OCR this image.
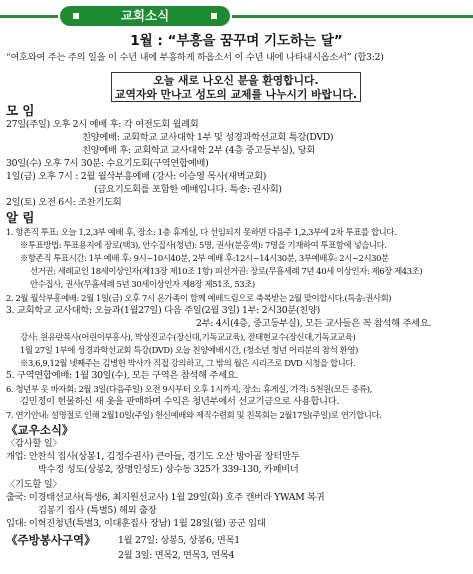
교회소식
1월 : “부흥을 꿈꾸며 기도하는 달”
“여호와여 주는 주의 일을 이 수년 내에 부흥하게 하옵소서 이 수년 내에 나타내시옵소서” (합3:2)
오늘 새로 나오신 분을 환영합니다.
교역자와 만나고 성도의 교제를 나누시기 바랍니다.
모 임
27일(주일) 오후 2시 예배 후: 각 여전도회 월례회
친양예배: 교회학교 교사대학 1부 및 성경과학선교회 특강(DVD)
친양예배 후: 교회학교 교사대학 2부 (4층 중고등부실), 당회
30일(수) 오후 7시 30분: 수요기도회(구역연합예배)
1일(금) 오후 7시 : 2월 월삭부흥예배 (강사: 이승영 목사(새벽교회)
(금요기도회를 포함한 예배입니다. 특송: 권사회)
2일(토) 오전 6시: 조찬기도회
알 림
1. 항존직 투표: 오늘 1,2,3부 예배 후, 장소: 1층 휴게실, 다 선임되지 못하면 다음주 1,2,3부에 2차 투표를 합니다.
※투표방법: 투표용지에 장로(택3), 안수집사(청년): 5명, 권사(분홍색): 7명을 기재하여 투표함에 넣습니다.
※항존직 투표시간: 1부 예배 후: 9시~10시40분, 2부 예배 후:12시~14시30분, 3부예배후: 2시~2시30분
선거권: 세례교인 18세이상인자(제13장 제10조 1항) 피선거권: 장로(무흠세례 7년 40세 이상인자: 제6장 제43조)
안수집사, 권사(무흠세례 5년 30세이상인자 제8장 제51조, 53조)
2. 2월 월삭부흥예배: 2월 1일(금) 오후 7시 온가족이 함께 예배드림으로 축복받는 2월 맞이합시다.(특송:권사회)
3. 교회학교 교사대학: 오늘과(1월27일) 다음 주일(2월 3일) 1부: 2시30분(친양)
2부: 4시(4층, 중고등부실), 모든 교사들은 꼭 참석해 주세요.
강사: 원유란목사(어린이부흥사), 박상진교수(장신대,기독교교육), 전태현교수(장신대,기독교교육)
1월 27일 1부에 성경과학선교회 특강(DVD) 오늘 친양예배시간, (청소년 청년 어리분의 참석 환영)
※3,6,9,12월 넷째주는 김병헌 박사가 직접 강의하고, 그 밖의 월은 시리즈로 DVD 시청을 합니다.
5. 구역연합예배: 1월 30일(수), 모든 구역은 참석해 주세요.
6. 청년부 옷 바자회: 2월 3일(다음주일) 오전 9시부터 오후 1시까지, 장소: 휴게실, 가격: 5천원(모든 종류),
김민정이 헌물하신 새 옷을 판매하며 수익은 청년부에서 선교기금으로 사용합니다.
7. 연기안내: 설명절로 인해 2월10일(주일) 헌신예배와 제직수련회 및 친목회는 2월17일(주일)로 연기합니다.
《교우소식》
〈감사할 일〉
개업: 안찬식 집사(상봉1, 김정수권사) 큰아들, 경기도 오산 방아골 장터만두
박수정 성도(상봉2, 장명인성도) 상수동 325가 339-130, 카페비너
〈기도할 일〉
출국: 이경태선교사(특생6, 최지원선교사) 1월 29일(화) 호주 캔버라 YWAM 복귀
김봉기 집사 (특별5) 해외 출장
입대: 이혁진청년(특별3, 이대훈집사 장남) 1월 28일(월) 공군 입대
《주방봉사구역》 1월 27일: 상봉5, 상봉6, 면목1
2월 3일: 면목2, 면목3, 면목4
